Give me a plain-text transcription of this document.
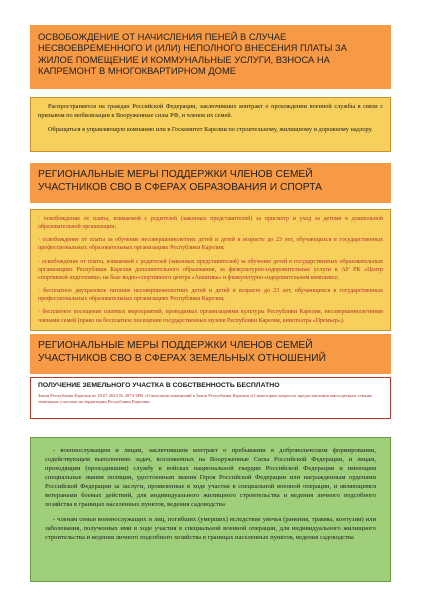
ОСВОБОЖДЕНИЕ ОТ НАЧИСЛЕНИЯ ПЕНЕЙ В СЛУЧАЕ НЕСВОЕВРЕМЕННОГО И (ИЛИ) НЕПОЛНОГО ВНЕСЕНИЯ ПЛАТЫ ЗА ЖИЛОЕ ПОМЕЩЕНИЕ И КОММУНАЛЬНЫЕ УСЛУГИ, ВЗНОСА НА КАПРЕМОНТ В МНОГОКВАРТИРНОМ ДОМЕ

Распространяется на граждан Российской Федерации, заключивших контракт о прохождении военной службы в связи с призывом по мобилизации в Вооруженные силы РФ, и членов их семей.

Обращаться в управляющую компанию или в Госкомитет Карелии по строительному, жилищному и дорожному надзору.

РЕГИОНАЛЬНЫЕ МЕРЫ ПОДДЕРЖКИ ЧЛЕНОВ СЕМЕЙ УЧАСТНИКОВ СВО В СФЕРАХ ОБРАЗОВАНИЯ И СПОРТА

· освобождение от платы, взимаемой с родителей (законных представителей) за присмотр и уход за детьми в дошкольной образовательной организации;

· освобождение от платы за обучение несовершеннолетних детей и детей в возрасте до 23 лет, обучающихся в государственных профессиональных образовательных организациях Республики Карелия;

· освобождение от платы, взимаемой с родителей (законных представителей) за обучение детей в государственных образовательных организациях Республики Карелия дополнительного образования, за физкультурно-оздоровительные услуги в АУ РК «Центр спортивной подготовки» на базе водно-спортивного центра «Акватика» и физкультурно-оздоровительном комплексе;

· бесплатное двухразовое питание несовершеннолетних детей и детей в возрасте до 23 лет, обучающихся в государственных профессиональных образовательных организациях Республики Карелия;

· бесплатное посещение платных мероприятий, проводимых организациями культуры Республики Карелия, несовершеннолетними членами семей (право на бесплатное посещение государственных музеев Республики Карелия, кинотеатра «Премьер»).

РЕГИОНАЛЬНЫЕ МЕРЫ ПОДДЕРЖКИ ЧЛЕНОВ СЕМЕЙ УЧАСТНИКОВ СВО В СФЕРАХ ЗЕМЕЛЬНЫХ ОТНОШЕНИЙ
ПОЛУЧЕНИЕ ЗЕМЕЛЬНОГО УЧАСТКА В СОБСТВЕННОСТЬ БЕСПЛАТНО
Закон Республики Карелия от 18.07.2023 № 2873-ЗРК «О внесении изменений в Закон Республики Карелия «О некоторых вопросах предоставления многодетным семьям земельных участков на территории Республики Карелия»

- военнослужащим и лицам, заключившим контракт о пребывании в добровольческом формировании, содействующем выполнению задач, возложенных на Вооруженные Силы Российской Федерации, и лицам, проходящим (проходившим) службу в войсках национальной гвардии Российской Федерации и имеющим специальные звания полиции, удостоенным звания Героя Российской Федерации или награжденным орденами Российской Федерации за заслуги, проявленные в ходе участия в специальной военной операции, и являющимся ветеранами боевых действий, для индивидуального жилищного строительства и ведения личного подсобного хозяйства в границах населенных пунктов, ведения садоводства

- членам семьи военнослужащих и лиц, погибших (умерших) вследствие увечья (ранения, травмы, контузии) или заболевания, полученных ими в ходе участия в специальной военной операции, для индивидуального жилищного строительства и ведения личного подсобного хозяйства в границах населенных пунктов, ведения садоводства
